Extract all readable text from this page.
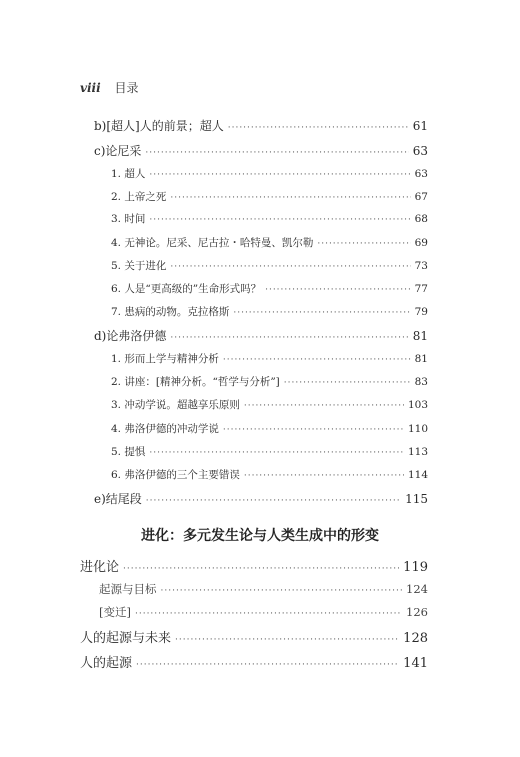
viii 目录
b)[超人]人的前景；超人 ·····	61
c)论尼采 ·····	63
1. 超人 ·····	63
2. 上帝之死 ·····	67
3. 时间 ·····	68
4. 无神论。尼采、尼古拉・哈特曼、凯尔勒 ·····	69
5. 关于进化 ·····	73
6. 人是“更高级的”生命形式吗？ ·····	77
7. 患病的动物。克拉格斯 ·····	79
d)论弗洛伊德 ·····	81
1. 形而上学与精神分析 ·····	81
2. 讲座：[精神分析。“哲学与分析”] ·····	83
3. 冲动学说。超越享乐原则 ·····	103
4. 弗洛伊德的冲动学说 ·····	110
5. 提惧 ·····	113
6. 弗洛伊德的三个主要错误 ·····	114
e)结尾段 ·····	115
进化：多元发生论与人类生成中的形变
进化论 ·····	119
起源与目标 ·····	124
[变迁] ·····	126
人的起源与未来 ·····	128
人的起源 ·····	141
